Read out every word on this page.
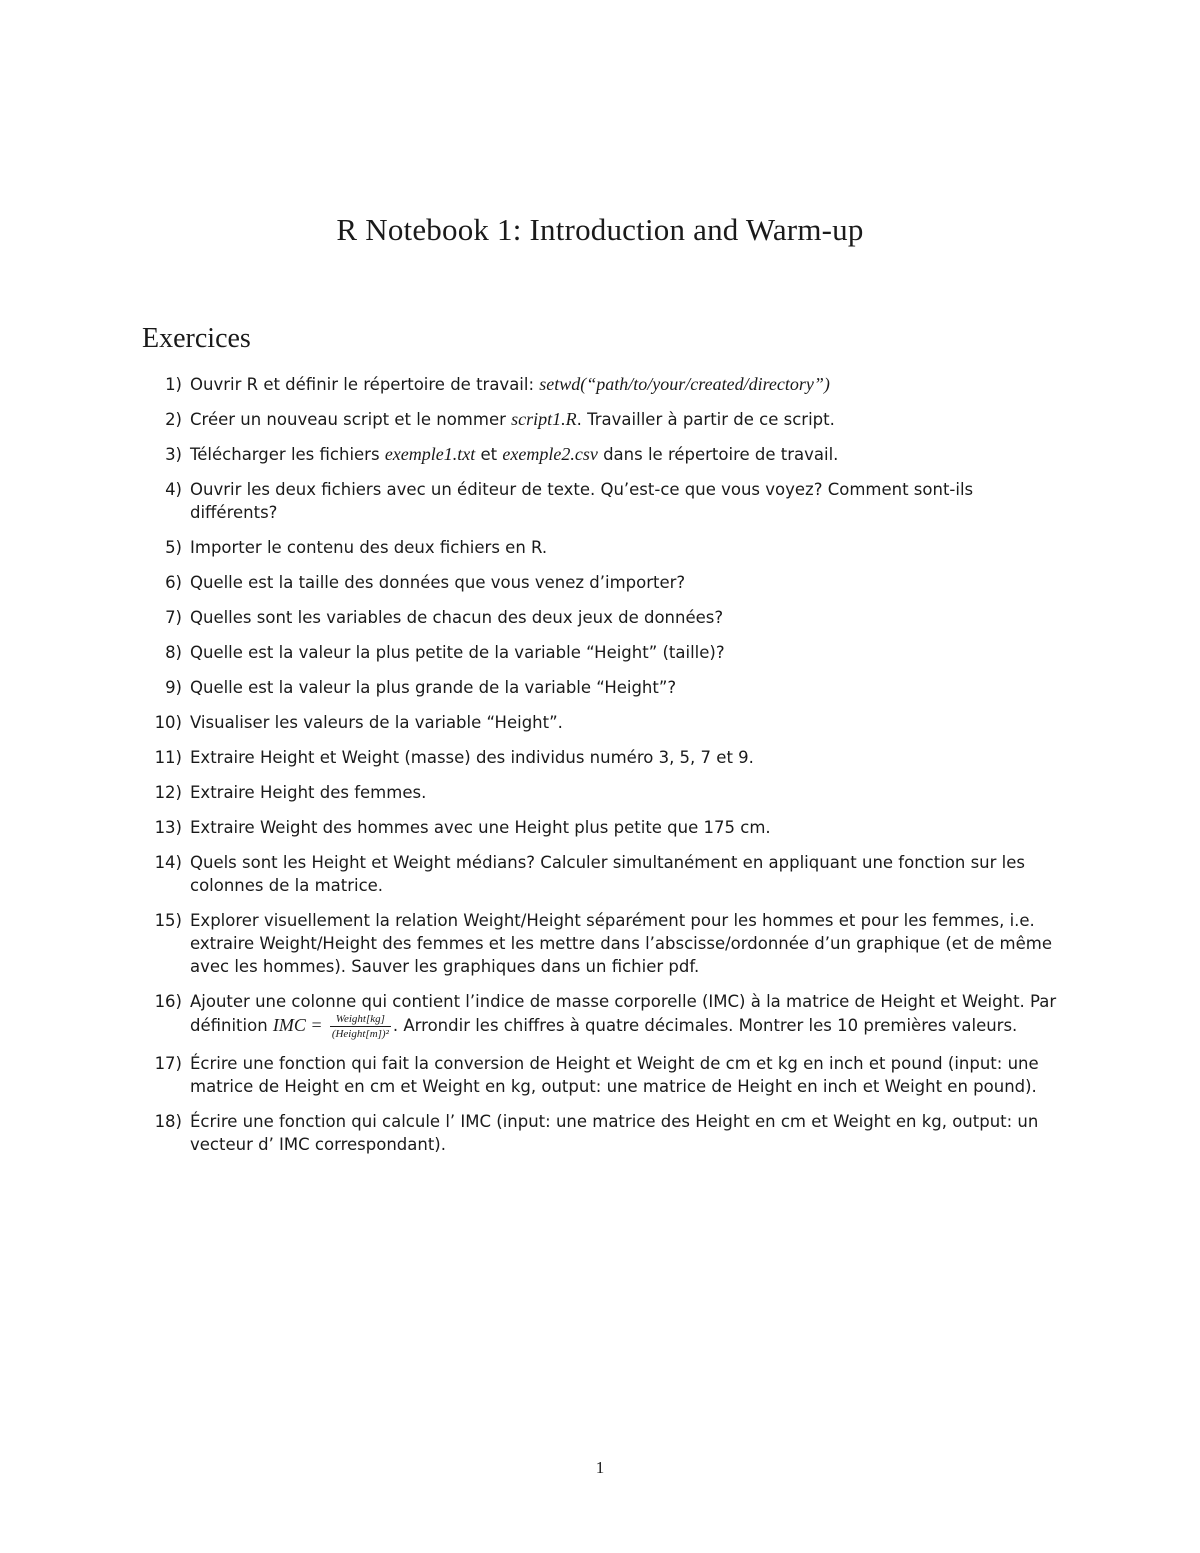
R Notebook 1: Introduction and Warm-up
Exercices
1) Ouvrir R et définir le répertoire de travail: setwd(“path/to/your/created/directory”)
2) Créer un nouveau script et le nommer script1.R. Travailler à partir de ce script.
3) Télécharger les fichiers exemple1.txt et exemple2.csv dans le répertoire de travail.
4) Ouvrir les deux fichiers avec un éditeur de texte. Qu’est-ce que vous voyez? Comment sont-ils différents?
5) Importer le contenu des deux fichiers en R.
6) Quelle est la taille des données que vous venez d’importer?
7) Quelles sont les variables de chacun des deux jeux de données?
8) Quelle est la valeur la plus petite de la variable “Height” (taille)?
9) Quelle est la valeur la plus grande de la variable “Height”?
10) Visualiser les valeurs de la variable “Height”.
11) Extraire Height et Weight (masse) des individus numéro 3, 5, 7 et 9.
12) Extraire Height des femmes.
13) Extraire Weight des hommes avec une Height plus petite que 175 cm.
14) Quels sont les Height et Weight médians? Calculer simultanément en appliquant une fonction sur les colonnes de la matrice.
15) Explorer visuellement la relation Weight/Height séparément pour les hommes et pour les femmes, i.e. extraire Weight/Height des femmes et les mettre dans l’abscisse/ordonnée d’un graphique (et de même avec les hommes). Sauver les graphiques dans un fichier pdf.
16) Ajouter une colonne qui contient l’indice de masse corporelle (IMC) à la matrice de Height et Weight. Par définition IMC = $\frac{\text{Weight[kg]}}{\text{(Height[m])²}}$ . Arrondir les chiffres à quatre décimales. Montrer les 10 premières valeurs.
17) Écrire une fonction qui fait la conversion de Height et Weight de cm et kg en inch et pound (input: une matrice de Height en cm et Weight en kg, output: une matrice de Height en inch et Weight en pound).
18) Écrire une fonction qui calcule l’ IMC (input: une matrice des Height en cm et Weight en kg, output: un vecteur d’ IMC correspondant).
1
